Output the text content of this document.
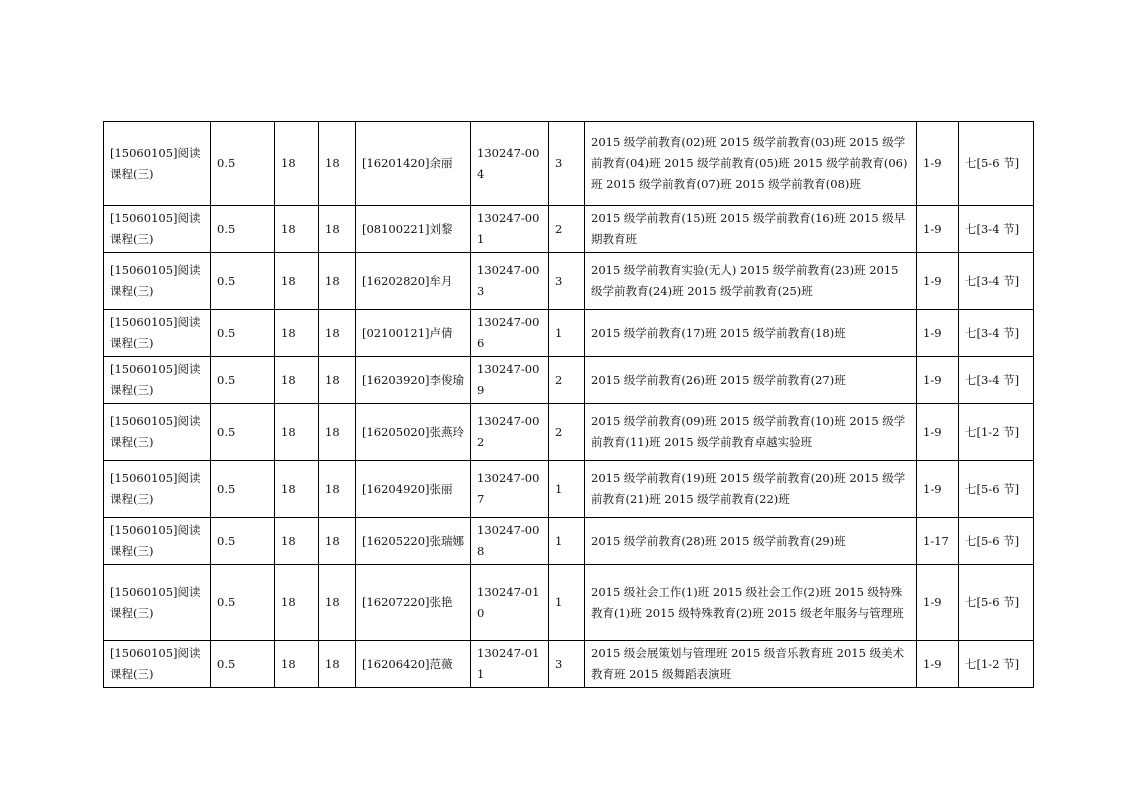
[15060105]阅读课程(三)	0.5	18	18	[16201420]余丽	130247-004	3	2015 级学前教育(02)班 2015 级学前教育(03)班 2015 级学前教育(04)班 2015 级学前教育(05)班 2015 级学前教育(06)班 2015 级学前教育(07)班 2015 级学前教育(08)班	1-9	七[5-6 节]
[15060105]阅读课程(三)	0.5	18	18	[08100221]刘黎	130247-001	2	2015 级学前教育(15)班 2015 级学前教育(16)班 2015 级早期教育班	1-9	七[3-4 节]
[15060105]阅读课程(三)	0.5	18	18	[16202820]牟月	130247-003	3	2015 级学前教育实验(无人) 2015 级学前教育(23)班 2015 级学前教育(24)班 2015 级学前教育(25)班	1-9	七[3-4 节]
[15060105]阅读课程(三)	0.5	18	18	[02100121]卢倩	130247-006	1	2015 级学前教育(17)班 2015 级学前教育(18)班	1-9	七[3-4 节]
[15060105]阅读课程(三)	0.5	18	18	[16203920]李俊瑜	130247-009	2	2015 级学前教育(26)班 2015 级学前教育(27)班	1-9	七[3-4 节]
[15060105]阅读课程(三)	0.5	18	18	[16205020]张燕玲	130247-002	2	2015 级学前教育(09)班 2015 级学前教育(10)班 2015 级学前教育(11)班 2015 级学前教育卓越实验班	1-9	七[1-2 节]
[15060105]阅读课程(三)	0.5	18	18	[16204920]张丽	130247-007	1	2015 级学前教育(19)班 2015 级学前教育(20)班 2015 级学前教育(21)班 2015 级学前教育(22)班	1-9	七[5-6 节]
[15060105]阅读课程(三)	0.5	18	18	[16205220]张瑞娜	130247-008	1	2015 级学前教育(28)班 2015 级学前教育(29)班	1-17	七[5-6 节]
[15060105]阅读课程(三)	0.5	18	18	[16207220]张艳	130247-010	1	2015 级社会工作(1)班 2015 级社会工作(2)班 2015 级特殊教育(1)班 2015 级特殊教育(2)班 2015 级老年服务与管理班	1-9	七[5-6 节]
[15060105]阅读课程(三)	0.5	18	18	[16206420]范薇	130247-011	3	2015 级会展策划与管理班 2015 级音乐教育班 2015 级美术教育班 2015 级舞蹈表演班	1-9	七[1-2 节]
